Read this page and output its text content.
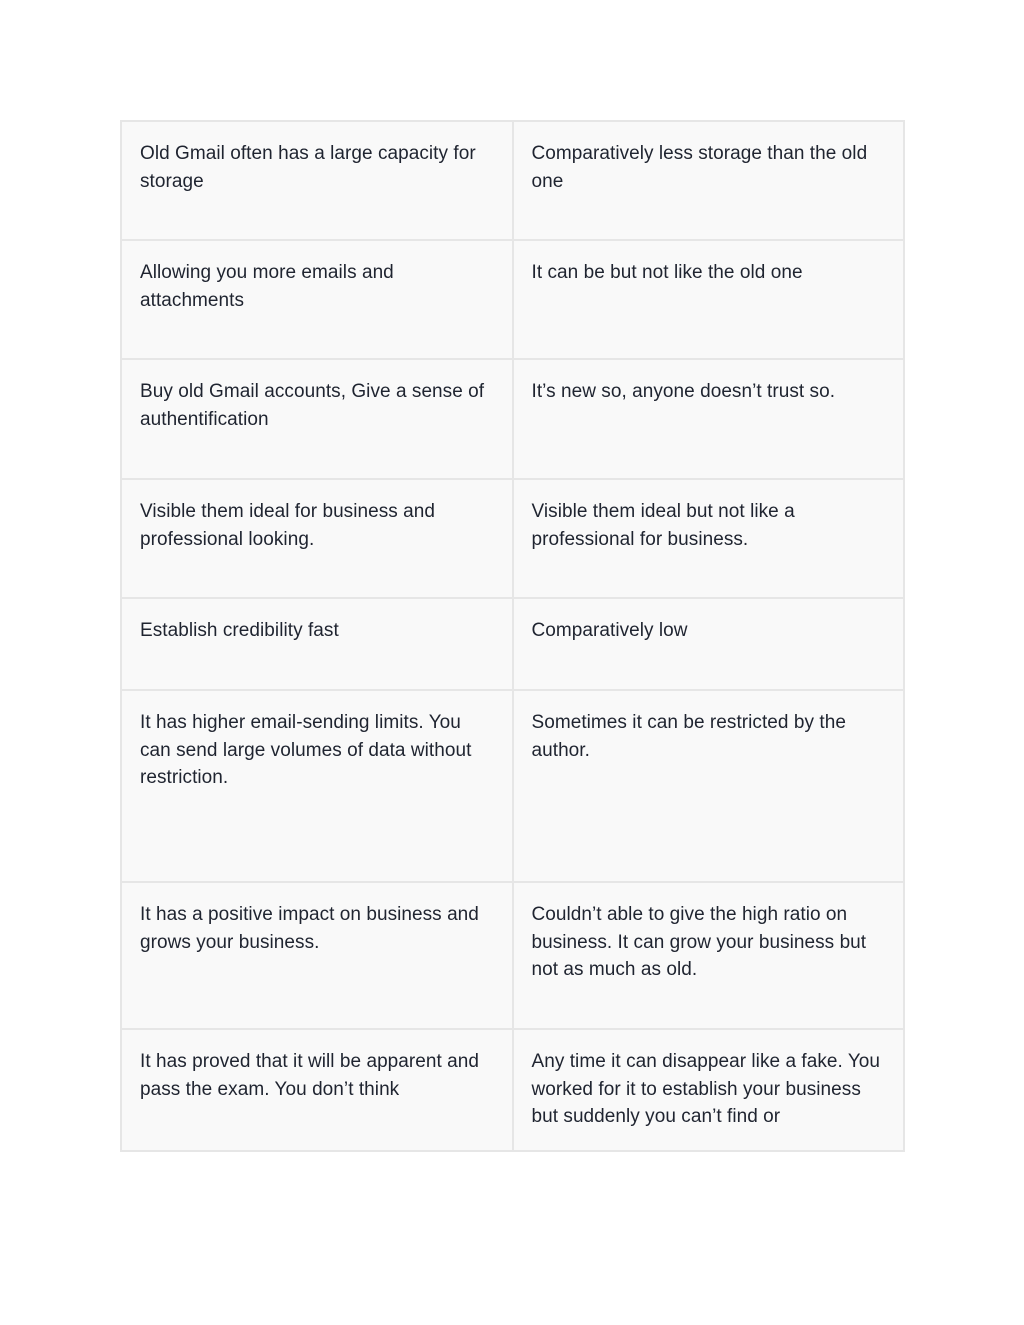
Old Gmail often has a large capacity for storage	Comparatively less storage than the old one
Allowing you more emails and attachments	It can be but not like the old one
Buy old Gmail accounts, Give a sense of authentification	It’s new so, anyone doesn’t trust so.
Visible them ideal for business and professional looking.	Visible them ideal but not like a professional for business.
Establish credibility fast	Comparatively low
It has higher email-sending limits. You can send large volumes of data without restriction.	Sometimes it can be restricted by the author.
It has a positive impact on business and grows your business.	Couldn’t able to give the high ratio on business. It can grow your business but not as much as old.
It has proved that it will be apparent and pass the exam. You don’t think	Any time it can disappear like a fake. You worked for it to establish your business but suddenly you can’t find or
